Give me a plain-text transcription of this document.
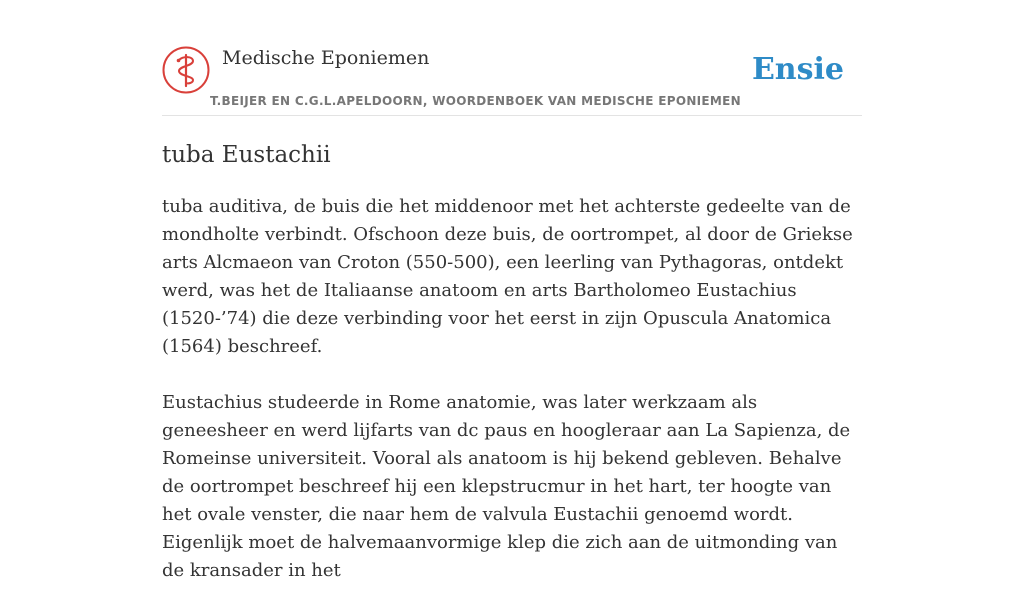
Medische Eponiemen
T.BEIJER EN C.G.L.APELDOORN, WOORDENBOEK VAN MEDISCHE EPONIEMEN
Ensie
tuba Eustachii

tuba auditiva, de buis die het middenoor met het achterste gedeelte van de mondholte verbindt. Ofschoon deze buis, de oortrompet, al door de Griekse arts Alcmaeon van Croton (550-500), een leerling van Pythagoras, ontdekt werd, was het de Italiaanse anatoom en arts Bartholomeo Eustachius (1520-’74) die deze verbinding voor het eerst in zijn Opuscula Anatomica (1564) beschreef.

Eustachius studeerde in Rome anatomie, was later werkzaam als geneesheer en werd lijfarts van dc paus en hoogleraar aan La Sapienza, de Romeinse universiteit. Vooral als anatoom is hij bekend gebleven. Behalve de oortrompet beschreef hij een klepstrucmur in het hart, ter hoogte van het ovale venster, die naar hem de valvula Eustachii genoemd wordt. Eigenlijk moet de halvemaanvormige klep die zich aan de uitmonding van de kransader in het
